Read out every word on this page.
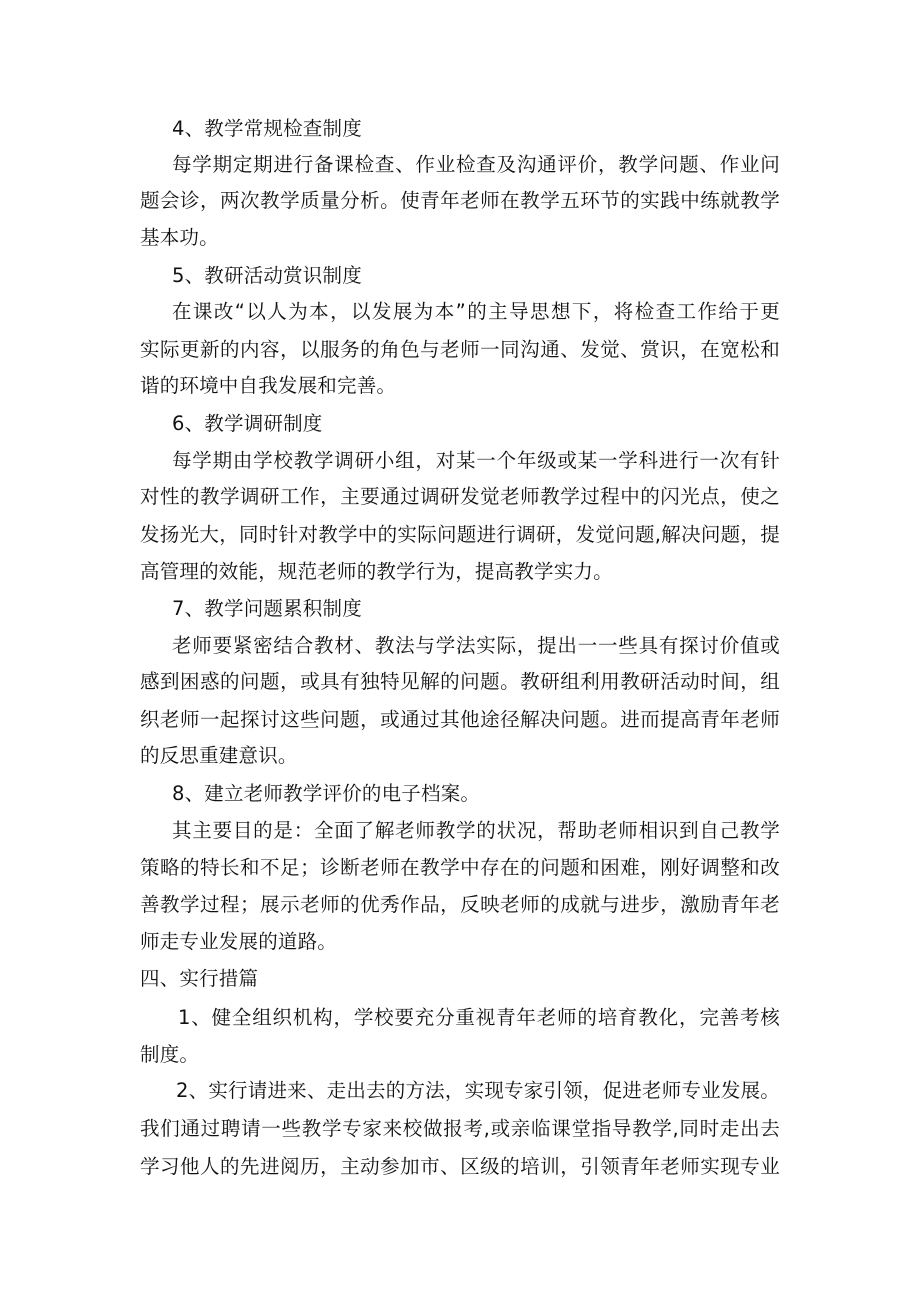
4、教学常规检查制度
每学期定期进行备课检查、作业检查及沟通评价，教学问题、作业问
题会诊，两次教学质量分析。使青年老师在教学五环节的实践中练就教学
基本功。
5、教研活动赏识制度
在课改“以人为本，以发展为本”的主导思想下，将检查工作给于更
实际更新的内容，以服务的角色与老师一同沟通、发觉、赏识，在宽松和
谐的环境中自我发展和完善。
6、教学调研制度
每学期由学校教学调研小组，对某一个年级或某一学科进行一次有针
对性的教学调研工作，主要通过调研发觉老师教学过程中的闪光点，使之
发扬光大，同时针对教学中的实际问题进行调研，发觉问题,解决问题，提
高管理的效能，规范老师的教学行为，提高教学实力。
7、教学问题累积制度
老师要紧密结合教材、教法与学法实际，提出一一些具有探讨价值或
感到困惑的问题，或具有独特见解的问题。教研组利用教研活动时间，组
织老师一起探讨这些问题，或通过其他途径解决问题。进而提高青年老师
的反思重建意识。
8、建立老师教学评价的电子档案。
其主要目的是：全面了解老师教学的状况，帮助老师相识到自己教学
策略的特长和不足；诊断老师在教学中存在的问题和困难，刚好调整和改
善教学过程；展示老师的优秀作品，反映老师的成就与进步，激励青年老
师走专业发展的道路。
四、实行措篇
1、健全组织机构，学校要充分重视青年老师的培育教化，完善考核
制度。
2、实行请进来、走出去的方法，实现专家引领，促进老师专业发展。
我们通过聘请一些教学专家来校做报考,或亲临课堂指导教学,同时走出去
学习他人的先进阅历，主动参加市、区级的培训，引领青年老师实现专业
